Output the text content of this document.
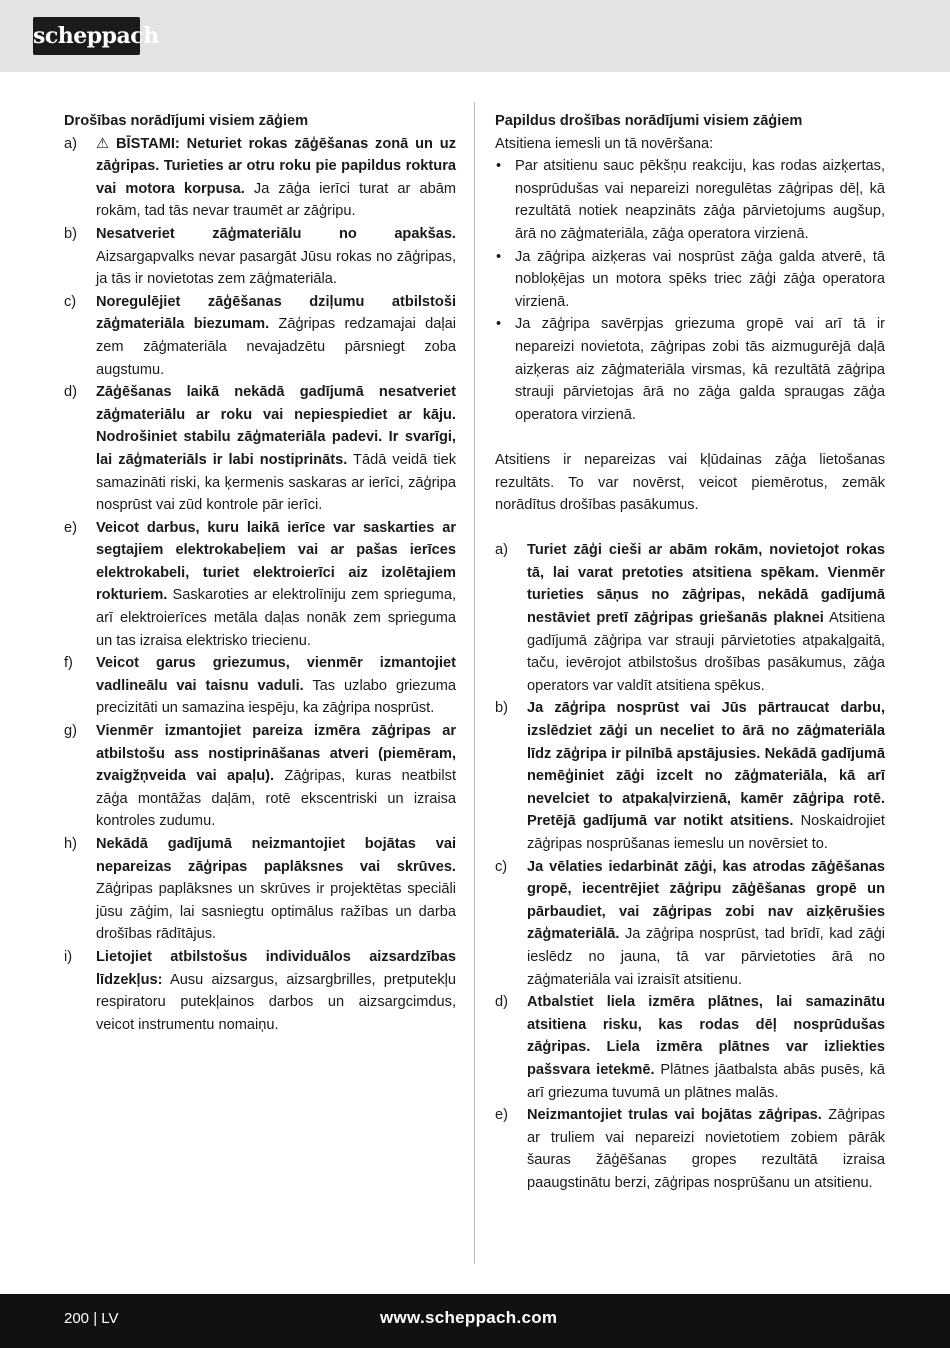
scheppach
Drošības norādījumi visiem zāģiem
a)	⚠ BĪSTAMI: Neturiet rokas zāģēšanas zonā un uz zāģripas. Turieties ar otru roku pie papildus roktura vai motora korpusa. Ja zāģa ierīci turat ar abām rokām, tad tās nevar traumēt ar zāģripu.
b)	Nesatveriet zāģmateriālu no apakšas. Aizsargapvalks nevar pasargāt Jūsu rokas no zāģripas, ja tās ir novietotas zem zāģmateriāla.
c)	Noregulējiet zāģēšanas dziļumu atbilstoši zāģmateriāla biezumam. Zāģripas redzamajai daļai zem zāģmateriāla nevajadzētu pārsniegt zoba augstumu.
d)	Zāģēšanas laikā nekādā gadījumā nesatveriet zāģmateriālu ar roku vai nepiespiediet ar kāju. Nodrošiniet stabilu zāģmateriāla padevi. Ir svarīgi, lai zāģmateriāls ir labi nostiprināts. Tādā veidā tiek samazināti riski, ka ķermenis saskaras ar ierīci, zāģripa nosprūst vai zūd kontrole pār ierīci.
e)	Veicot darbus, kuru laikā ierīce var saskarties ar segtajiem elektrokabeļiem vai ar pašas ierīces elektrokabeli, turiet elektroierīci aiz izolētajiem rokturiem. Saskaroties ar elektrolīniju zem sprieguma, arī elektroierīces metāla daļas nonāk zem sprieguma un tas izraisa elektrisko triecienu.
f)	Veicot garus griezumus, vienmēr izmantojiet vadlineālu vai taisnu vaduli. Tas uzlabo griezuma precizitāti un samazina iespēju, ka zāģripa nosprūst.
g)	Vienmēr izmantojiet pareiza izmēra zāģripas ar atbilstošu ass nostiprināšanas atveri (piemēram, zvaigžņveida vai apaļu). Zāģripas, kuras neatbilst zāģa montāžas daļām, rotē ekscentriski un izraisa kontroles zudumu.
h)	Nekādā gadījumā neizmantojiet bojātas vai nepareizas zāģripas paplāksnes vai skrūves. Zāģripas paplāksnes un skrūves ir projektētas speciāli jūsu zāģim, lai sasniegtu optimālus ražības un darba drošības rādītājus.
i)	Lietojiet atbilstošus individuālos aizsardzības līdzekļus: Ausu aizsargus, aizsargbrilles, pretputekļu respiratoru putekļainos darbos un aizsargcimdus, veicot instrumentu nomaiņu.
Papildus drošības norādījumi visiem zāģiem
Atsitiena iemesli un tā novēršana:
• Par atsitienu sauc pēkšņu reakciju, kas rodas aizķertas, nosprūdušas vai nepareizi noregulētas zāģripas dēļ, kā rezultātā notiek neapzināts zāģa pārvietojums augšup, ārā no zāģmateriāla, zāģa operatora virzienā.
• Ja zāģripa aizķeras vai nosprūst zāģa galda atverē, tā nobloķējas un motora spēks triec zāģi zāģa operatora virzienā.
• Ja zāģripa savērpjas griezuma gropē vai arī tā ir nepareizi novietota, zāģripas zobi tās aizmugurējā daļā aizķeras aiz zāģmateriāla virsmas, kā rezultātā zāģripa strauji pārvietojas ārā no zāģa galda spraugas zāģa operatora virzienā.
Atsitiens ir nepareizas vai kļūdainas zāģa lietošanas rezultāts. To var novērst, veicot piemērotus, zemāk norādītus drošības pasākumus.
a)	Turiet zāģi cieši ar abām rokām, novietojot rokas tā, lai varat pretoties atsitiena spēkam. Vienmēr turieties sāņus no zāģripas, nekādā gadījumā nestāviet pretī zāģripas griešanās plaknei Atsitiena gadījumā zāģripa var strauji pārvietoties atpakaļgaitā, taču, ievērojot atbilstošus drošības pasākumus, zāģa operators var valdīt atsitiena spēkus.
b)	Ja zāģripa nosprūst vai Jūs pārtraucat darbu, izslēdziet zāģi un neceliet to ārā no zāģmateriāla līdz zāģripa ir pilnībā apstājusies. Nekādā gadījumā nemēģiniet zāģi izcelt no zāģmateriāla, kā arī nevelciet to atpakaļvirzienā, kamēr zāģripa rotē. Pretējā gadījumā var notikt atsitiens. Noskaidrojiet zāģripas nosprūšanas iemeslu un novērsiet to.
c)	Ja vēlaties iedarbināt zāģi, kas atrodas zāģēšanas gropē, iecentrējiet zāģripu zāģēšanas gropē un pārbaudiet, vai zāģripas zobi nav aizķērušies zāģmateriālā. Ja zāģripa nosprūst, tad brīdī, kad zāģi ieslēdz no jauna, tā var pārvietoties ārā no zāģmateriāla vai izraisīt atsitienu.
d)	Atbalstiet liela izmēra plātnes, lai samazinātu atsitiena risku, kas rodas dēļ nosprūdušas zāģripas. Liela izmēra plātnes var izliekties pašsvara ietekmē. Plātnes jāatbalsta abās pusēs, kā arī griezuma tuvumā un plātnes malās.
e)	Neizmantojiet trulas vai bojātas zāģripas. Zāģripas ar truliem vai nepareizi novietotiem zobiem pārāk šauras žāģēšanas gropes rezultātā izraisa paaugstinātu berzi, zāģripas nosprūšanu un atsitienu.
200 | LV	www.scheppach.com
